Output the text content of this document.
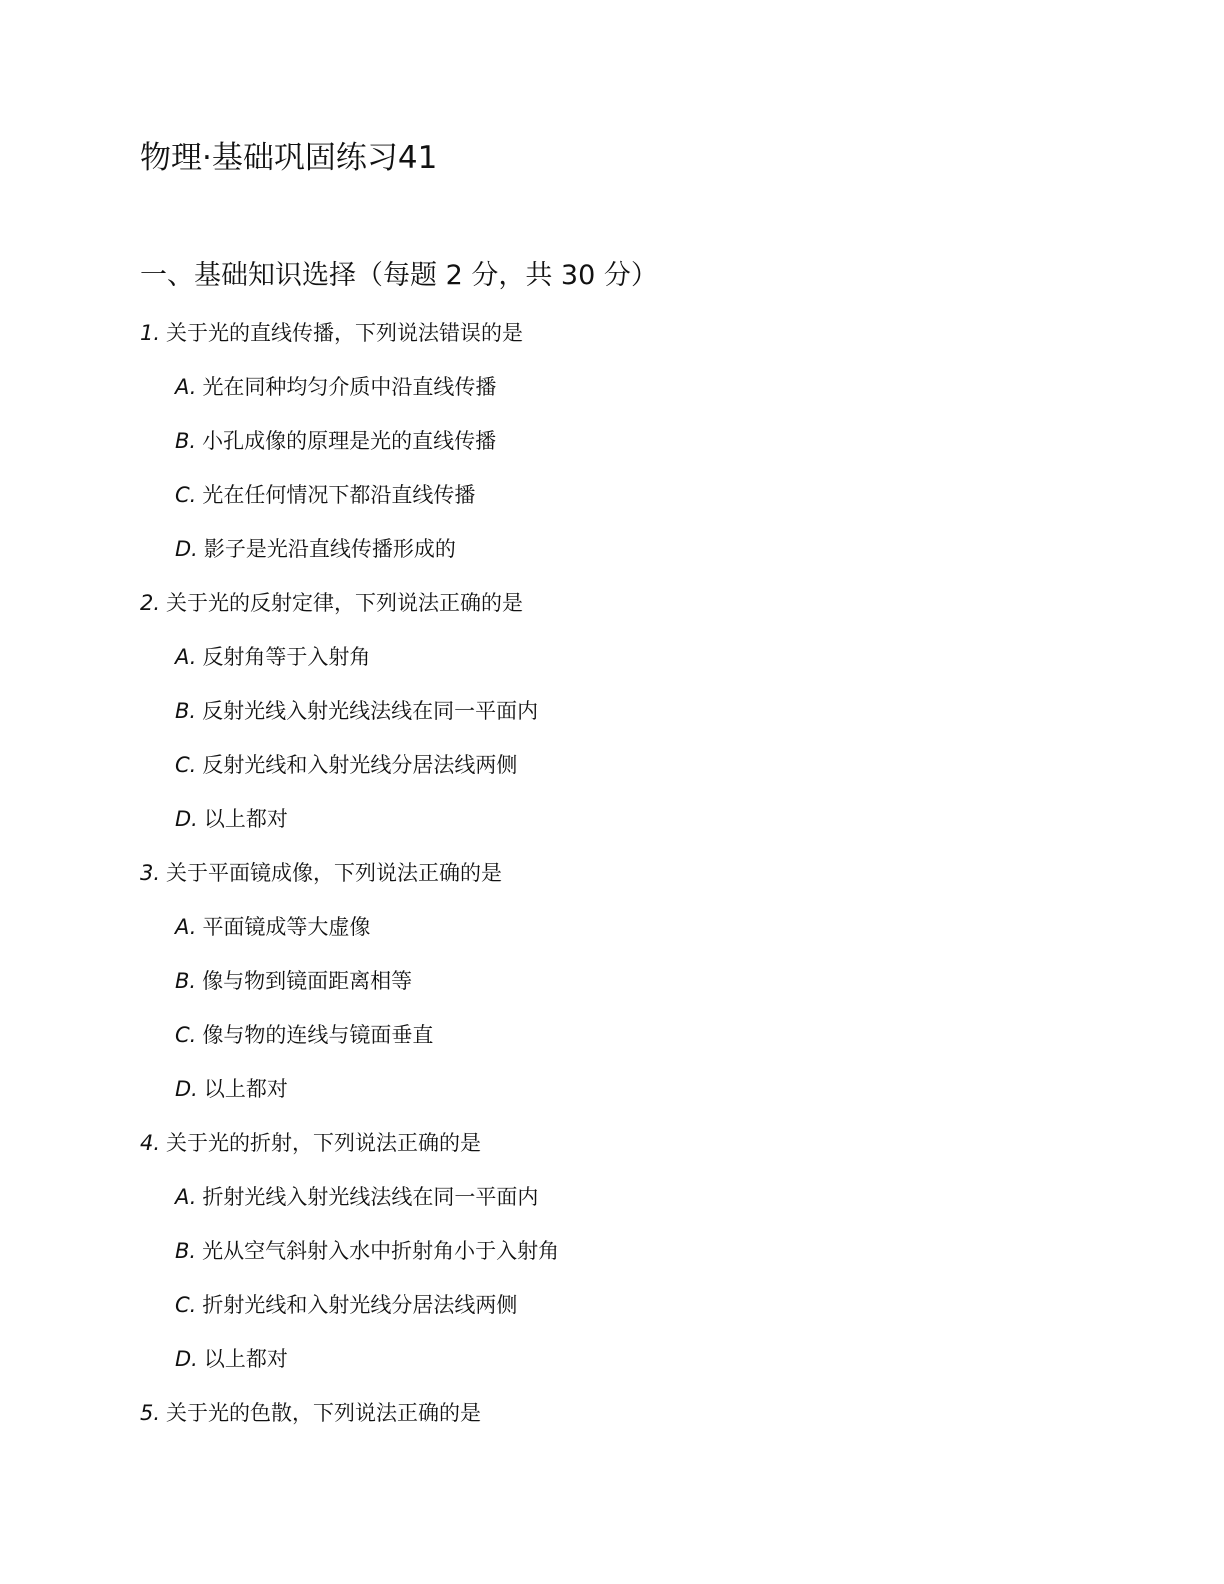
物理·基础巩固练习41
一、基础知识选择（每题 2 分，共 30 分）
1. 关于光的直线传播，下列说法错误的是
A. 光在同种均匀介质中沿直线传播
B. 小孔成像的原理是光的直线传播
C. 光在任何情况下都沿直线传播
D. 影子是光沿直线传播形成的
2. 关于光的反射定律，下列说法正确的是
A. 反射角等于入射角
B. 反射光线入射光线法线在同一平面内
C. 反射光线和入射光线分居法线两侧
D. 以上都对
3. 关于平面镜成像，下列说法正确的是
A. 平面镜成等大虚像
B. 像与物到镜面距离相等
C. 像与物的连线与镜面垂直
D. 以上都对
4. 关于光的折射，下列说法正确的是
A. 折射光线入射光线法线在同一平面内
B. 光从空气斜射入水中折射角小于入射角
C. 折射光线和入射光线分居法线两侧
D. 以上都对
5. 关于光的色散，下列说法正确的是
